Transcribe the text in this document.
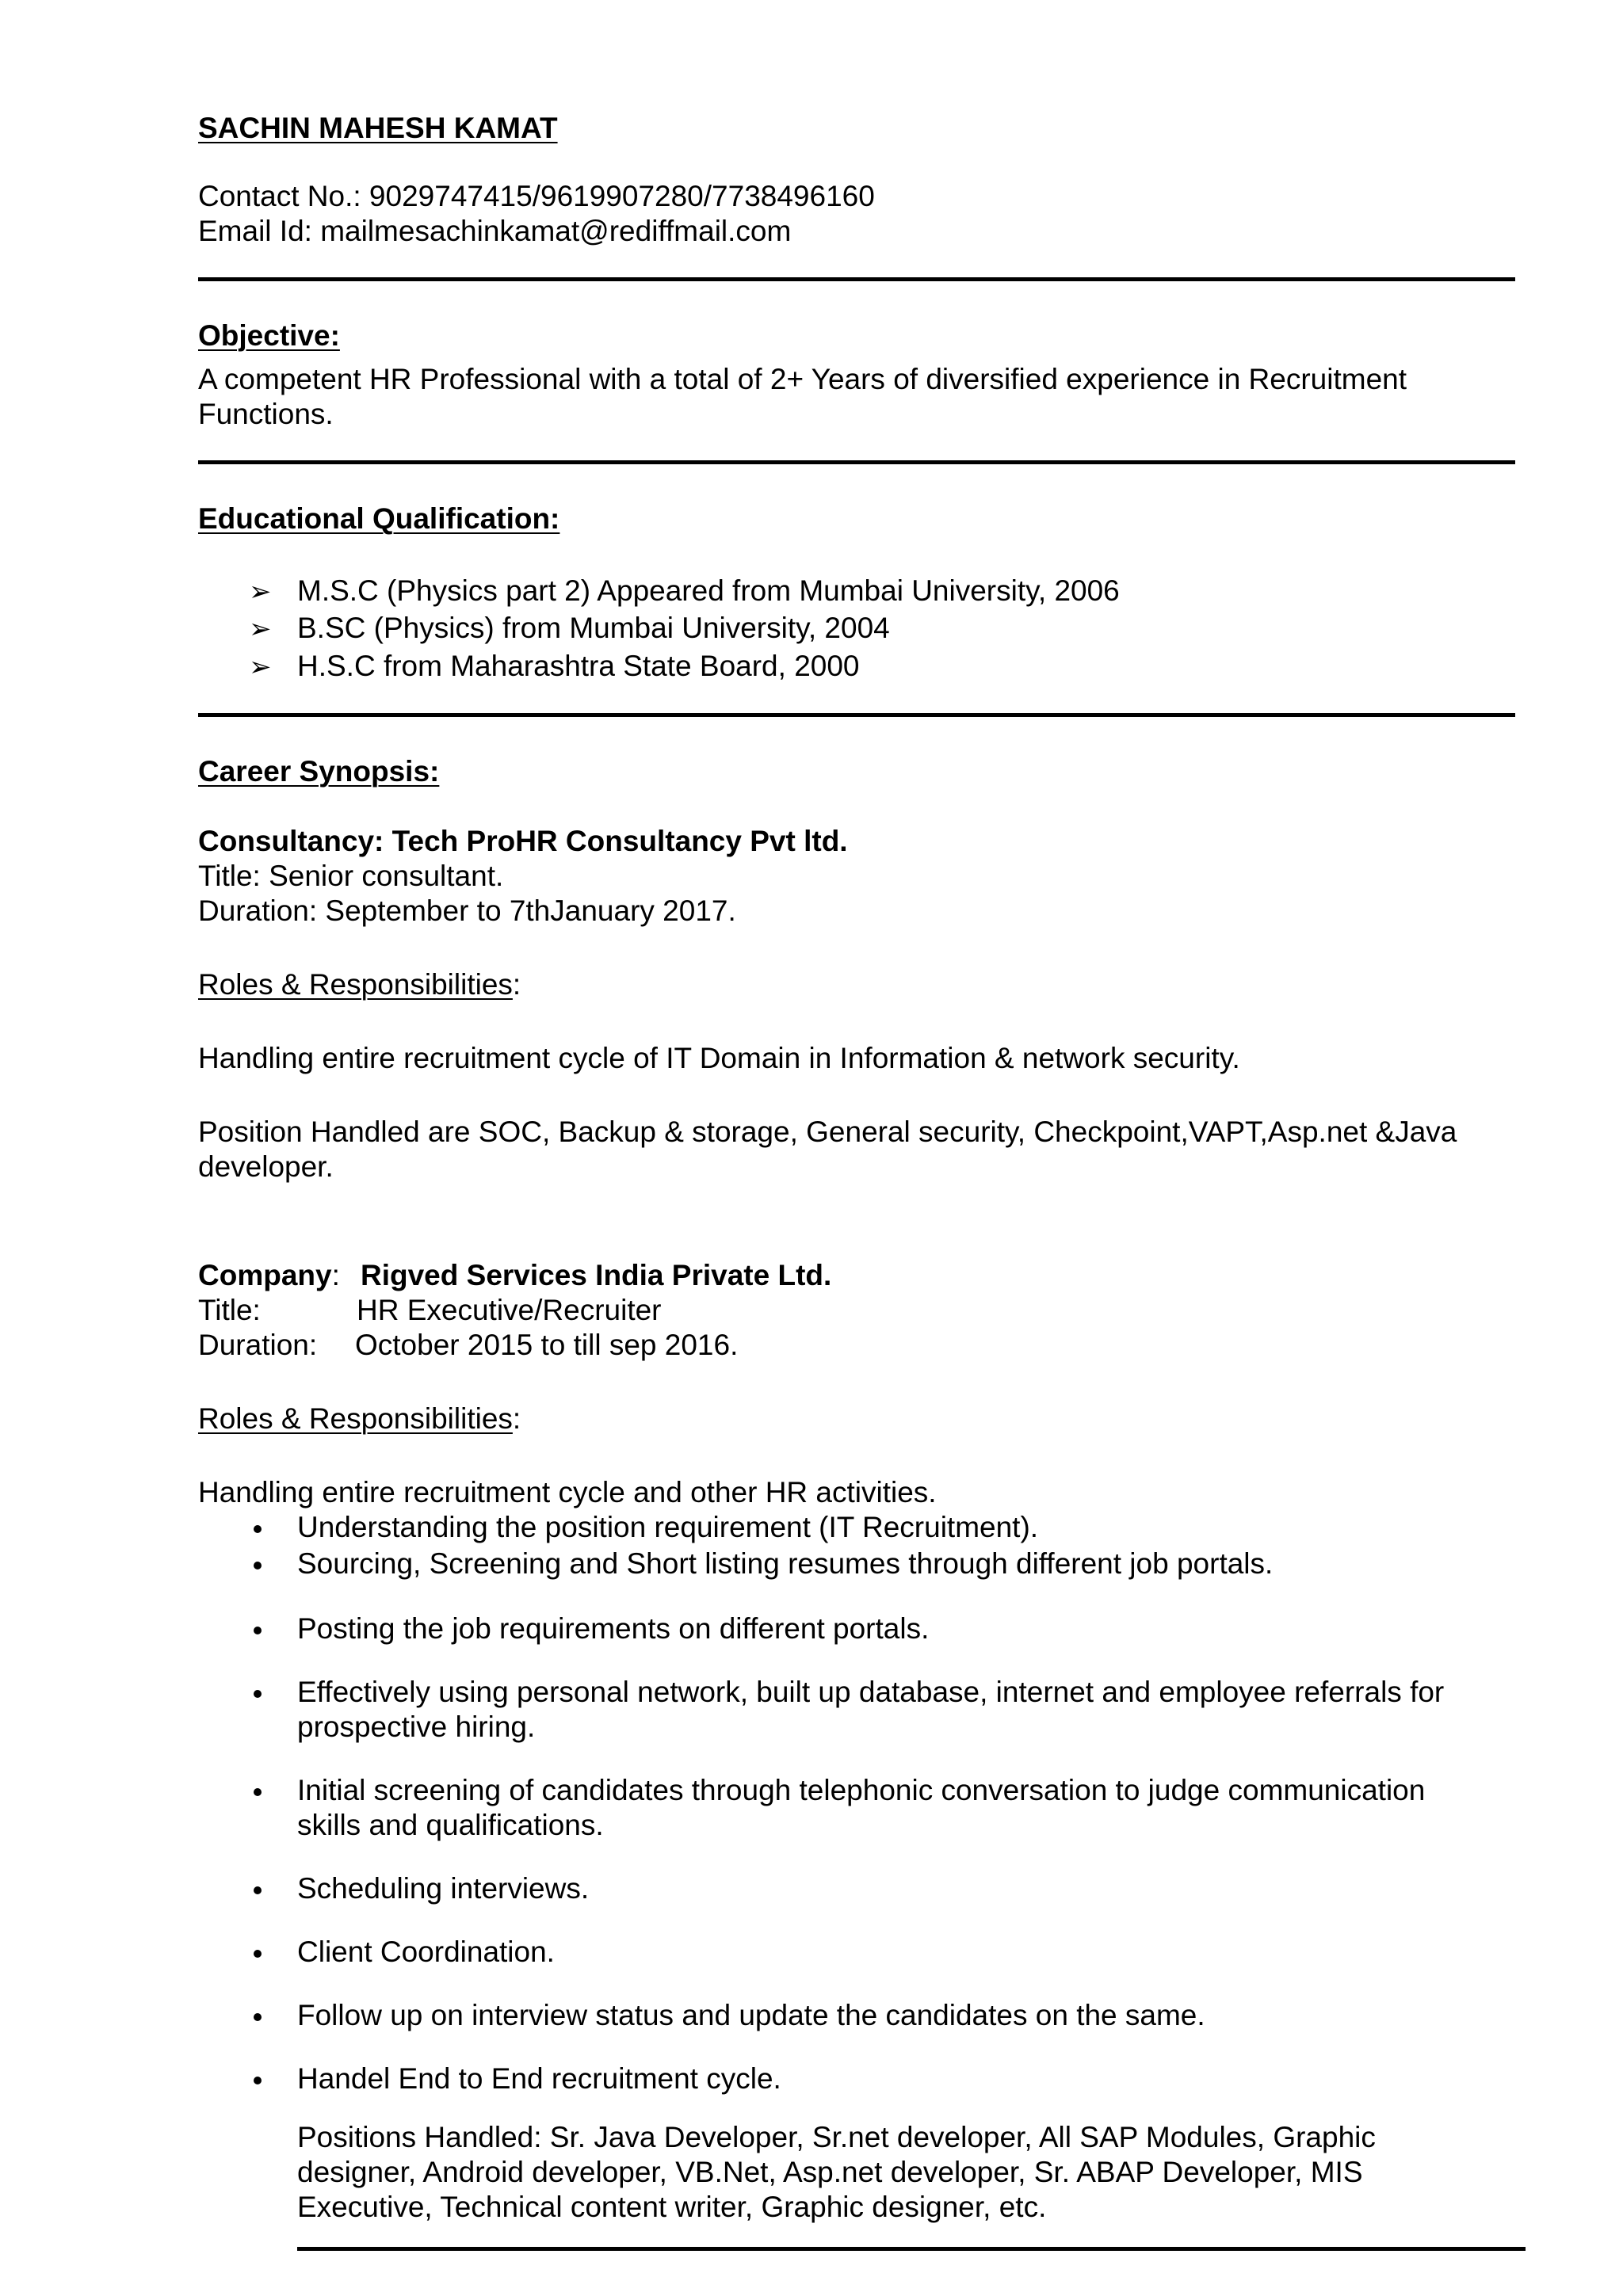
SACHIN MAHESH KAMAT
Contact No.: 9029747415/9619907280/7738496160
Email Id: mailmesachinkamat@rediffmail.com
Objective:
A competent HR Professional with a total of 2+ Years of diversified experience in Recruitment
Functions.
Educational Qualification:
➢ M.S.C (Physics part 2) Appeared from Mumbai University, 2006
➢ B.SC (Physics) from Mumbai University, 2004
➢ H.S.C from Maharashtra State Board, 2000
Career Synopsis:
Consultancy: Tech ProHR Consultancy Pvt ltd.
Title: Senior consultant.
Duration: September to 7thJanuary 2017.
Roles & Responsibilities:
Handling entire recruitment cycle of IT Domain in Information & network security.
Position Handled are SOC, Backup & storage, General security, Checkpoint,VAPT,Asp.net &Java
developer.
Company: Rigved Services India Private Ltd.
Title:	HR Executive/Recruiter
Duration: October 2015 to till sep 2016.
Roles & Responsibilities:
Handling entire recruitment cycle and other HR activities.
Understanding the position requirement (IT Recruitment).
Sourcing, Screening and Short listing resumes through different job portals.
Posting the job requirements on different portals.
Effectively using personal network, built up database, internet and employee referrals for
prospective hiring.
Initial screening of candidates through telephonic conversation to judge communication
skills and qualifications.
Scheduling interviews.
Client Coordination.
Follow up on interview status and update the candidates on the same.
Handel End to End recruitment cycle.
Positions Handled: Sr. Java Developer, Sr.net developer, All SAP Modules, Graphic
designer, Android developer, VB.Net, Asp.net developer, Sr. ABAP Developer, MIS
Executive, Technical content writer, Graphic designer, etc.
